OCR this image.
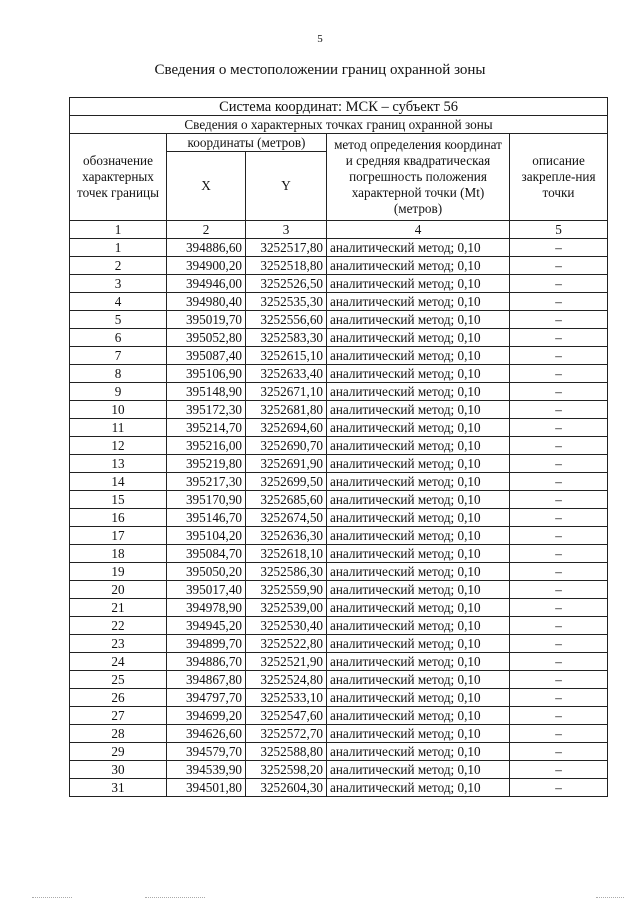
5
Сведения о местоположении границ охранной зоны
Система координат: МСК – субъект 56				
Сведения о характерных точках границ охранной зоны				
обозначение характерных точек границы	координаты (метров)		метод определения координат и средняя квадратическая погрешность положения характерной точки (Mt) (метров)	описание закрепле-ния точки
	X	Y		
1	2	3	4	5
1	394886,60	3252517,80	аналитический метод; 0,10	–
2	394900,20	3252518,80	аналитический метод; 0,10	–
3	394946,00	3252526,50	аналитический метод; 0,10	–
4	394980,40	3252535,30	аналитический метод; 0,10	–
5	395019,70	3252556,60	аналитический метод; 0,10	–
6	395052,80	3252583,30	аналитический метод; 0,10	–
7	395087,40	3252615,10	аналитический метод; 0,10	–
8	395106,90	3252633,40	аналитический метод; 0,10	–
9	395148,90	3252671,10	аналитический метод; 0,10	–
10	395172,30	3252681,80	аналитический метод; 0,10	–
11	395214,70	3252694,60	аналитический метод; 0,10	–
12	395216,00	3252690,70	аналитический метод; 0,10	–
13	395219,80	3252691,90	аналитический метод; 0,10	–
14	395217,30	3252699,50	аналитический метод; 0,10	–
15	395170,90	3252685,60	аналитический метод; 0,10	–
16	395146,70	3252674,50	аналитический метод; 0,10	–
17	395104,20	3252636,30	аналитический метод; 0,10	–
18	395084,70	3252618,10	аналитический метод; 0,10	–
19	395050,20	3252586,30	аналитический метод; 0,10	–
20	395017,40	3252559,90	аналитический метод; 0,10	–
21	394978,90	3252539,00	аналитический метод; 0,10	–
22	394945,20	3252530,40	аналитический метод; 0,10	–
23	394899,70	3252522,80	аналитический метод; 0,10	–
24	394886,70	3252521,90	аналитический метод; 0,10	–
25	394867,80	3252524,80	аналитический метод; 0,10	–
26	394797,70	3252533,10	аналитический метод; 0,10	–
27	394699,20	3252547,60	аналитический метод; 0,10	–
28	394626,60	3252572,70	аналитический метод; 0,10	–
29	394579,70	3252588,80	аналитический метод; 0,10	–
30	394539,90	3252598,20	аналитический метод; 0,10	–
31	394501,80	3252604,30	аналитический метод; 0,10	–
